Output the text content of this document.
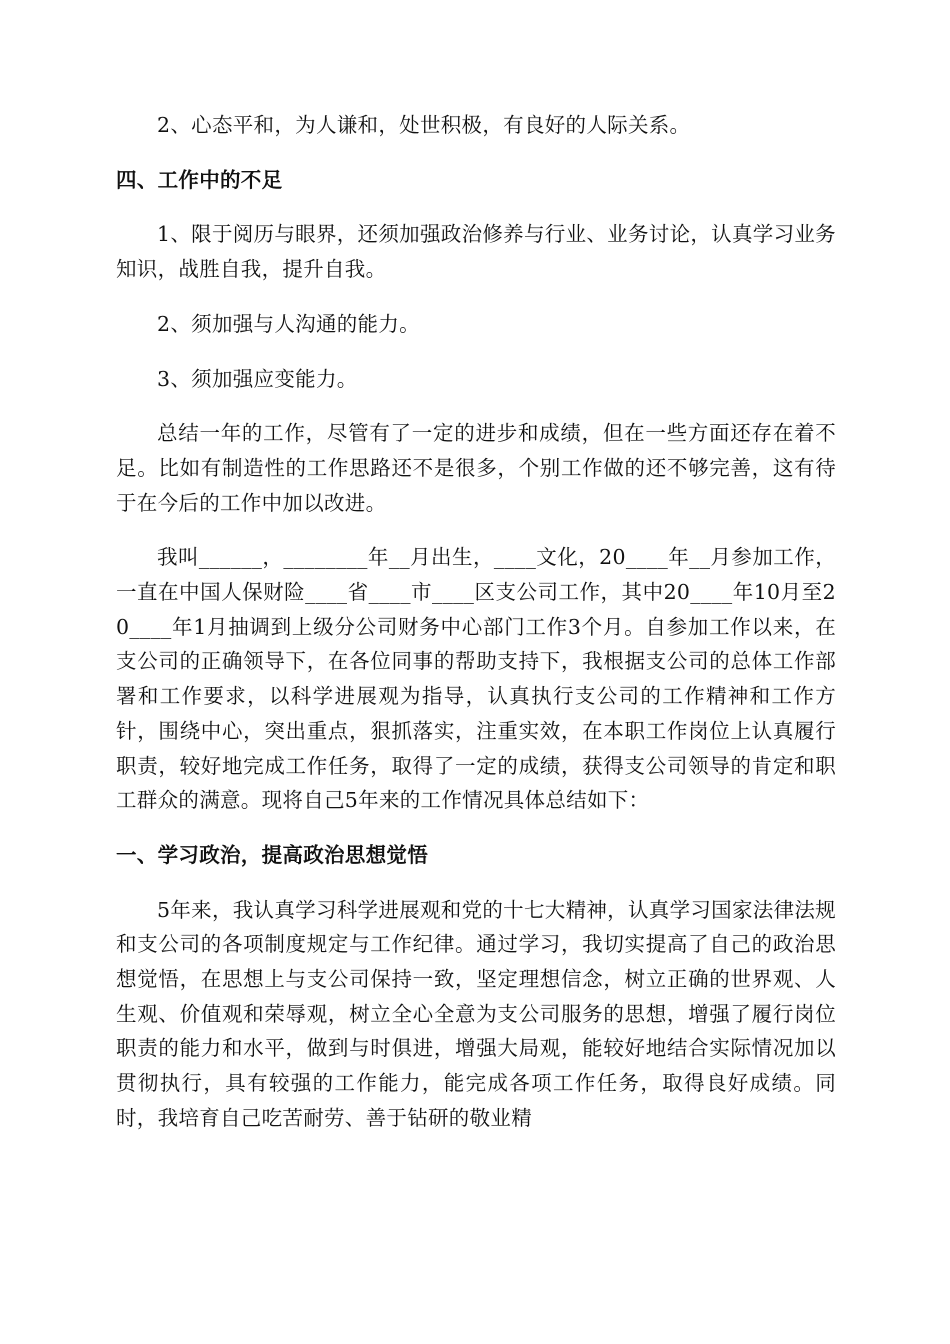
2、心态平和，为人谦和，处世积极，有良好的人际关系。

四、工作中的不足

1、限于阅历与眼界，还须加强政治修养与行业、业务讨论，认真学习业务知识，战胜自我，提升自我。

2、须加强与人沟通的能力。

3、须加强应变能力。

总结一年的工作，尽管有了一定的进步和成绩，但在一些方面还存在着不足。比如有制造性的工作思路还不是很多，个别工作做的还不够完善，这有待于在今后的工作中加以改进。

我叫______，________年__月出生，____文化，20____年__月参加工作，一直在中国人保财险____省____市____区支公司工作，其中20____年10月至20____年1月抽调到上级分公司财务中心部门工作3个月。自参加工作以来，在支公司的正确领导下，在各位同事的帮助支持下，我根据支公司的总体工作部署和工作要求，以科学进展观为指导，认真执行支公司的工作精神和工作方针，围绕中心，突出重点，狠抓落实，注重实效，在本职工作岗位上认真履行职责，较好地完成工作任务，取得了一定的成绩，获得支公司领导的肯定和职工群众的满意。现将自己5年来的工作情况具体总结如下：

一、学习政治，提高政治思想觉悟

5年来，我认真学习科学进展观和党的十七大精神，认真学习国家法律法规和支公司的各项制度规定与工作纪律。通过学习，我切实提高了自己的政治思想觉悟，在思想上与支公司保持一致，坚定理想信念，树立正确的世界观、人生观、价值观和荣辱观，树立全心全意为支公司服务的思想，增强了履行岗位职责的能力和水平，做到与时俱进，增强大局观，能较好地结合实际情况加以贯彻执行，具有较强的工作能力，能完成各项工作任务，取得良好成绩。同时，我培育自己吃苦耐劳、善于钻研的敬业精
